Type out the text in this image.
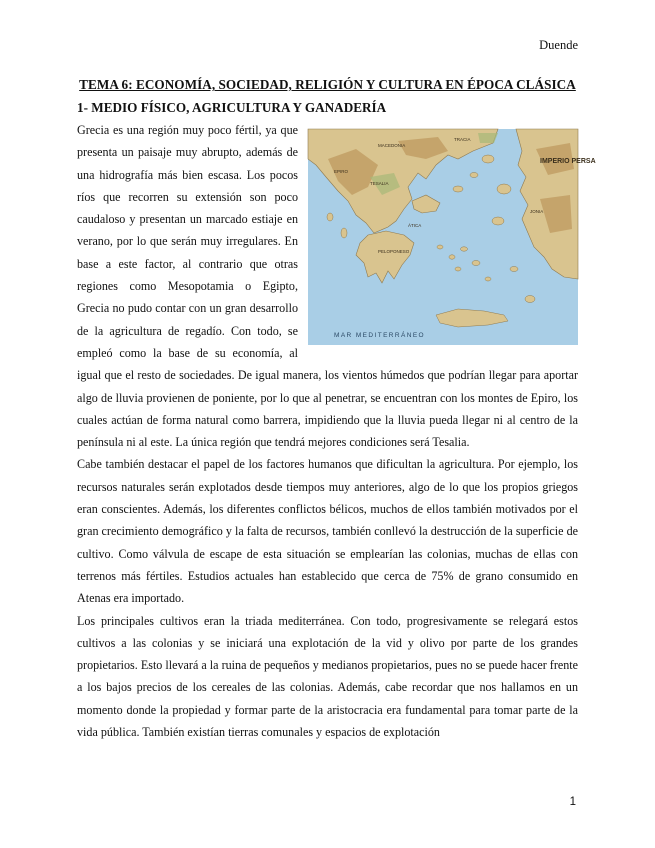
Duende
TEMA 6: ECONOMÍA, SOCIEDAD, RELIGIÓN Y CULTURA EN ÉPOCA CLÁSICA
1- MEDIO FÍSICO, AGRICULTURA Y GANADERÍA
MACEDONIA
EPIRO
TESALIA
PELOPONESO
ÁTICA
JONIA
TRACIA
IMPERIO PERSA
MAR MEDITERRÁNEO

Grecia es una región muy poco fértil, ya que presenta un paisaje muy abrupto, además de una hidrografía más bien escasa. Los pocos ríos que recorren su extensión son poco caudaloso y presentan un marcado estiaje en verano, por lo que serán muy irregulares. En base a este factor, al contrario que otras regiones como Mesopotamia o Egipto, Grecia no pudo contar con un gran desarrollo de la agricultura de regadío. Con todo, se empleó como la base de su economía, al igual que el resto de sociedades. De igual manera, los vientos húmedos que podrían llegar para aportar algo de lluvia provienen de poniente, por lo que al penetrar, se encuentran con los montes de Epiro, los cuales actúan de forma natural como barrera, impidiendo que la lluvia pueda llegar ni al centro de la península ni al este. La única región que tendrá mejores condiciones será Tesalia.

Cabe también destacar el papel de los factores humanos que dificultan la agricultura. Por ejemplo, los recursos naturales serán explotados desde tiempos muy anteriores, algo de lo que los propios griegos eran conscientes. Además, los diferentes conflictos bélicos, muchos de ellos también motivados por el gran crecimiento demográfico y la falta de recursos, también conllevó la destrucción de la superficie de cultivo. Como válvula de escape de esta situación se emplearían las colonias, muchas de ellas con terrenos más fértiles. Estudios actuales han establecido que cerca de 75% de grano consumido en Atenas era importado.

Los principales cultivos eran la triada mediterránea. Con todo, progresivamente se relegará estos cultivos a las colonias y se iniciará una explotación de la vid y olivo por parte de los grandes propietarios. Esto llevará a la ruina de pequeños y medianos propietarios, pues no se puede hacer frente a los bajos precios de los cereales de las colonias. Además, cabe recordar que nos hallamos en un momento donde la propiedad y formar parte de la aristocracia era fundamental para tomar parte de la vida pública. También existían tierras comunales y espacios de explotación

1
